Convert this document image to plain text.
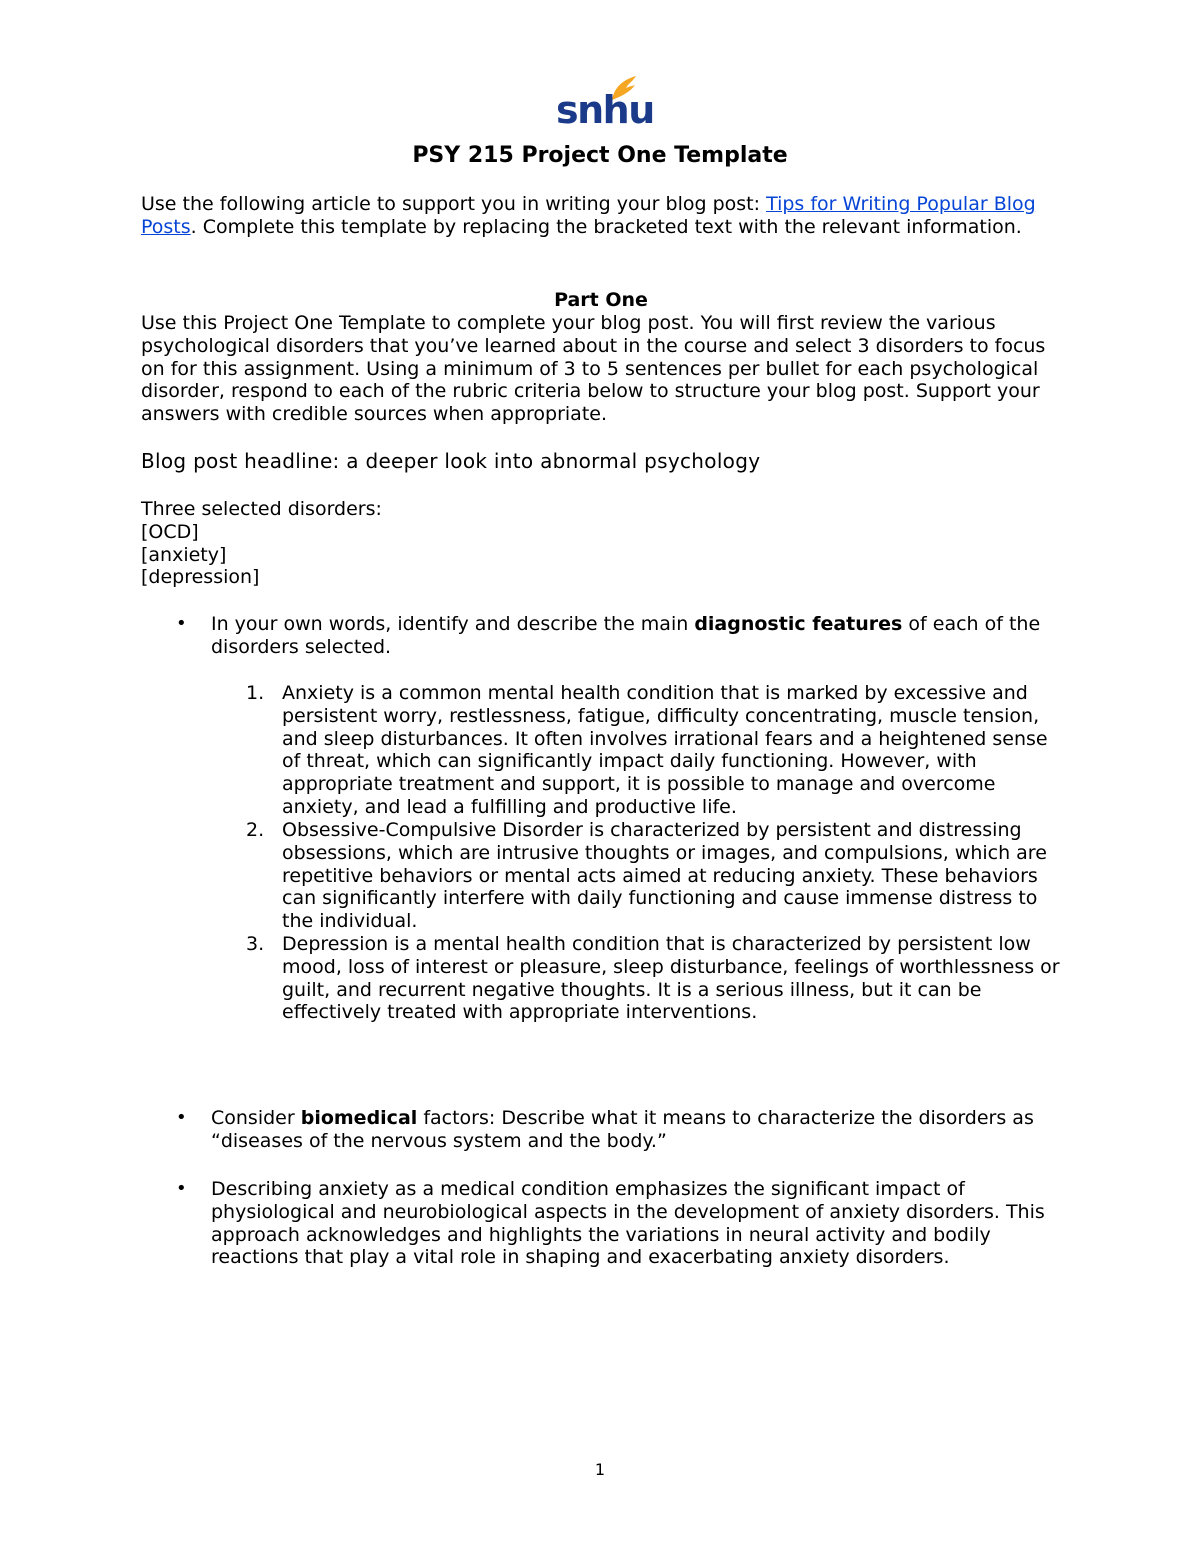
snhu
PSY 215 Project One Template
Use the following article to support you in writing your blog post: Tips for Writing Popular Blog Posts. Complete this template by replacing the bracketed text with the relevant information.
Part One
Use this Project One Template to complete your blog post. You will first review the various psychological disorders that you’ve learned about in the course and select 3 disorders to focus on for this assignment. Using a minimum of 3 to 5 sentences per bullet for each psychological disorder, respond to each of the rubric criteria below to structure your blog post. Support your answers with credible sources when appropriate.
Blog post headline: a deeper look into abnormal psychology
Three selected disorders:
[OCD]
[anxiety]
[depression]
• In your own words, identify and describe the main diagnostic features of each of the disorders selected.
1. Anxiety is a common mental health condition that is marked by excessive and persistent worry, restlessness, fatigue, difficulty concentrating, muscle tension, and sleep disturbances. It often involves irrational fears and a heightened sense of threat, which can significantly impact daily functioning. However, with appropriate treatment and support, it is possible to manage and overcome anxiety, and lead a fulfilling and productive life.
2. Obsessive-Compulsive Disorder is characterized by persistent and distressing obsessions, which are intrusive thoughts or images, and compulsions, which are repetitive behaviors or mental acts aimed at reducing anxiety. These behaviors can significantly interfere with daily functioning and cause immense distress to the individual.
3. Depression is a mental health condition that is characterized by persistent low mood, loss of interest or pleasure, sleep disturbance, feelings of worthlessness or guilt, and recurrent negative thoughts. It is a serious illness, but it can be effectively treated with appropriate interventions.
• Consider biomedical factors: Describe what it means to characterize the disorders as “diseases of the nervous system and the body.”
• Describing anxiety as a medical condition emphasizes the significant impact of physiological and neurobiological aspects in the development of anxiety disorders. This approach acknowledges and highlights the variations in neural activity and bodily reactions that play a vital role in shaping and exacerbating anxiety disorders.
1
